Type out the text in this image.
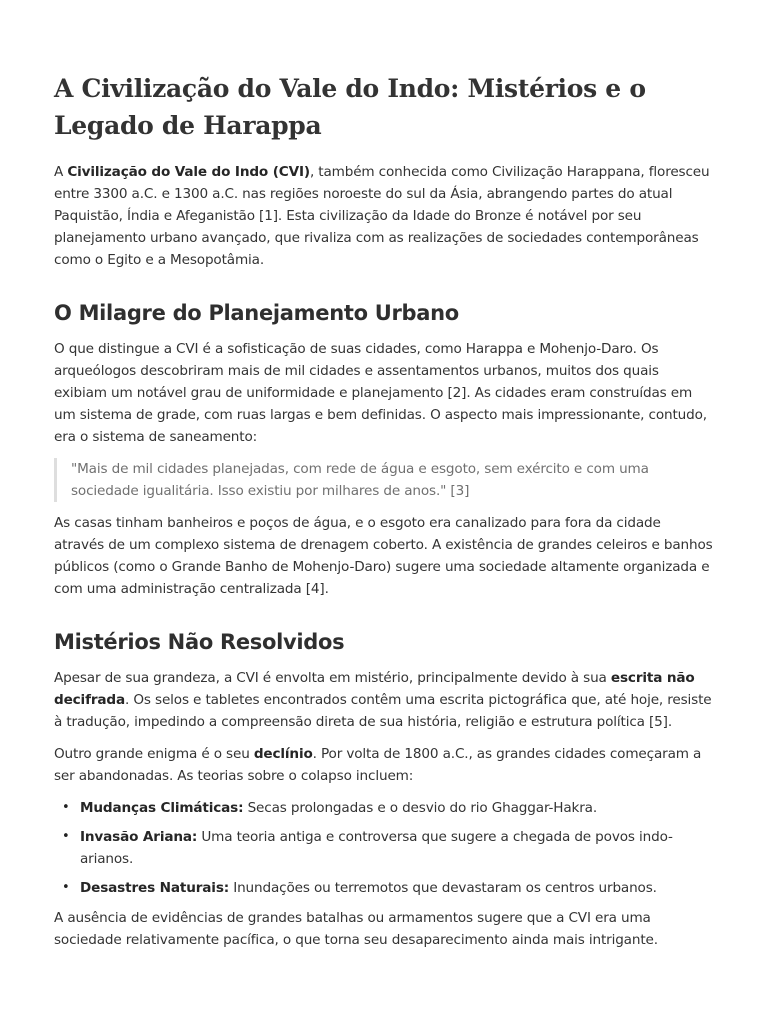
A Civilização do Vale do Indo: Mistérios e o Legado de Harappa

A Civilização do Vale do Indo (CVI), também conhecida como Civilização Harappana, floresceu entre 3300 a.C. e 1300 a.C. nas regiões noroeste do sul da Ásia, abrangendo partes do atual Paquistão, Índia e Afeganistão [1]. Esta civilização da Idade do Bronze é notável por seu planejamento urbano avançado, que rivaliza com as realizações de sociedades contemporâneas como o Egito e a Mesopotâmia.

O Milagre do Planejamento Urbano

O que distingue a CVI é a sofisticação de suas cidades, como Harappa e Mohenjo-Daro. Os arqueólogos descobriram mais de mil cidades e assentamentos urbanos, muitos dos quais exibiam um notável grau de uniformidade e planejamento [2]. As cidades eram construídas em um sistema de grade, com ruas largas e bem definidas. O aspecto mais impressionante, contudo, era o sistema de saneamento:

"Mais de mil cidades planejadas, com rede de água e esgoto, sem exército e com uma sociedade igualitária. Isso existiu por milhares de anos." [3]

As casas tinham banheiros e poços de água, e o esgoto era canalizado para fora da cidade através de um complexo sistema de drenagem coberto. A existência de grandes celeiros e banhos públicos (como o Grande Banho de Mohenjo-Daro) sugere uma sociedade altamente organizada e com uma administração centralizada [4].

Mistérios Não Resolvidos

Apesar de sua grandeza, a CVI é envolta em mistério, principalmente devido à sua escrita não decifrada. Os selos e tabletes encontrados contêm uma escrita pictográfica que, até hoje, resiste à tradução, impedindo a compreensão direta de sua história, religião e estrutura política [5].

Outro grande enigma é o seu declínio. Por volta de 1800 a.C., as grandes cidades começaram a ser abandonadas. As teorias sobre o colapso incluem:

• Mudanças Climáticas: Secas prolongadas e o desvio do rio Ghaggar-Hakra.
• Invasão Ariana: Uma teoria antiga e controversa que sugere a chegada de povos indo-arianos.
• Desastres Naturais: Inundações ou terremotos que devastaram os centros urbanos.

A ausência de evidências de grandes batalhas ou armamentos sugere que a CVI era uma sociedade relativamente pacífica, o que torna seu desaparecimento ainda mais intrigante.
